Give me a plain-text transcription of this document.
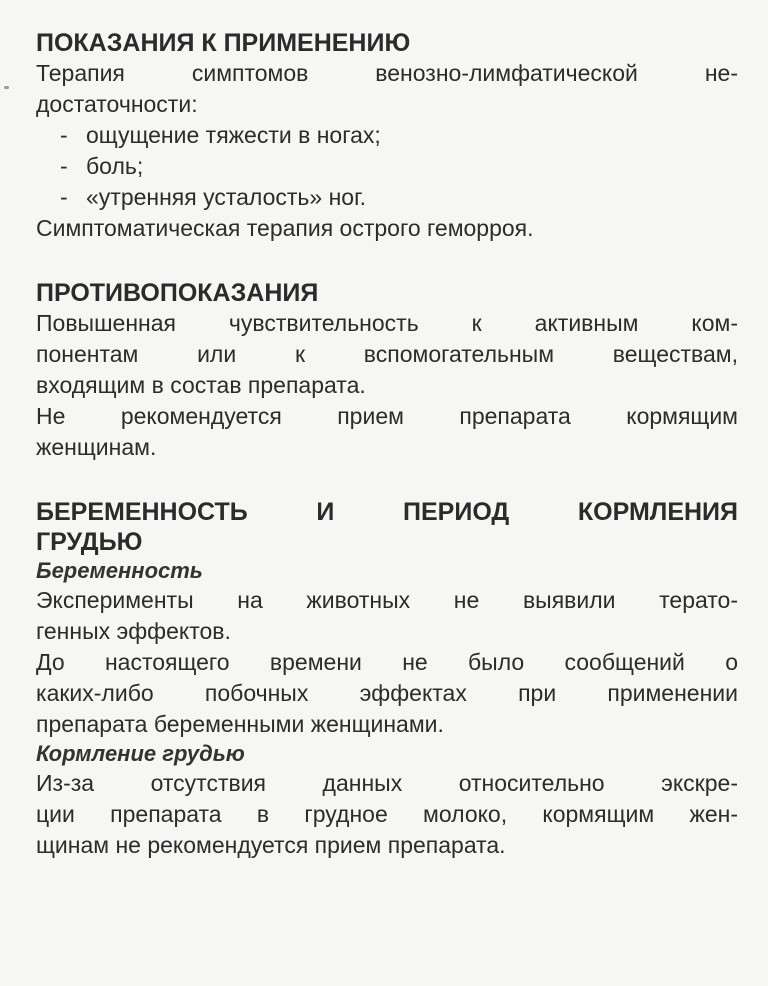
ПОКАЗАНИЯ К ПРИМЕНЕНИЮ

Терапия симптомов венозно-лимфатической не-
достаточности:

- ощущение тяжести в ногах;
- боль;
- «утренняя усталость» ног.

Симптоматическая терапия острого геморроя.

ПРОТИВОПОКАЗАНИЯ

Повышенная чувствительность к активным ком-
понентам или к вспомогательным веществам,
входящим в состав препарата.

Не рекомендуется прием препарата кормящим
женщинам.

БЕРЕМЕННОСТЬ И ПЕРИОД КОРМЛЕНИЯ
ГРУДЬЮ
Беременность

Эксперименты на животных не выявили терато-
генных эффектов.

До настоящего времени не было сообщений о
каких-либо побочных эффектах при применении
препарата беременными женщинами.

Кормление грудью

Из-за отсутствия данных относительно экскре-
ции препарата в грудное молоко, кормящим жен-
щинам не рекомендуется прием препарата.
